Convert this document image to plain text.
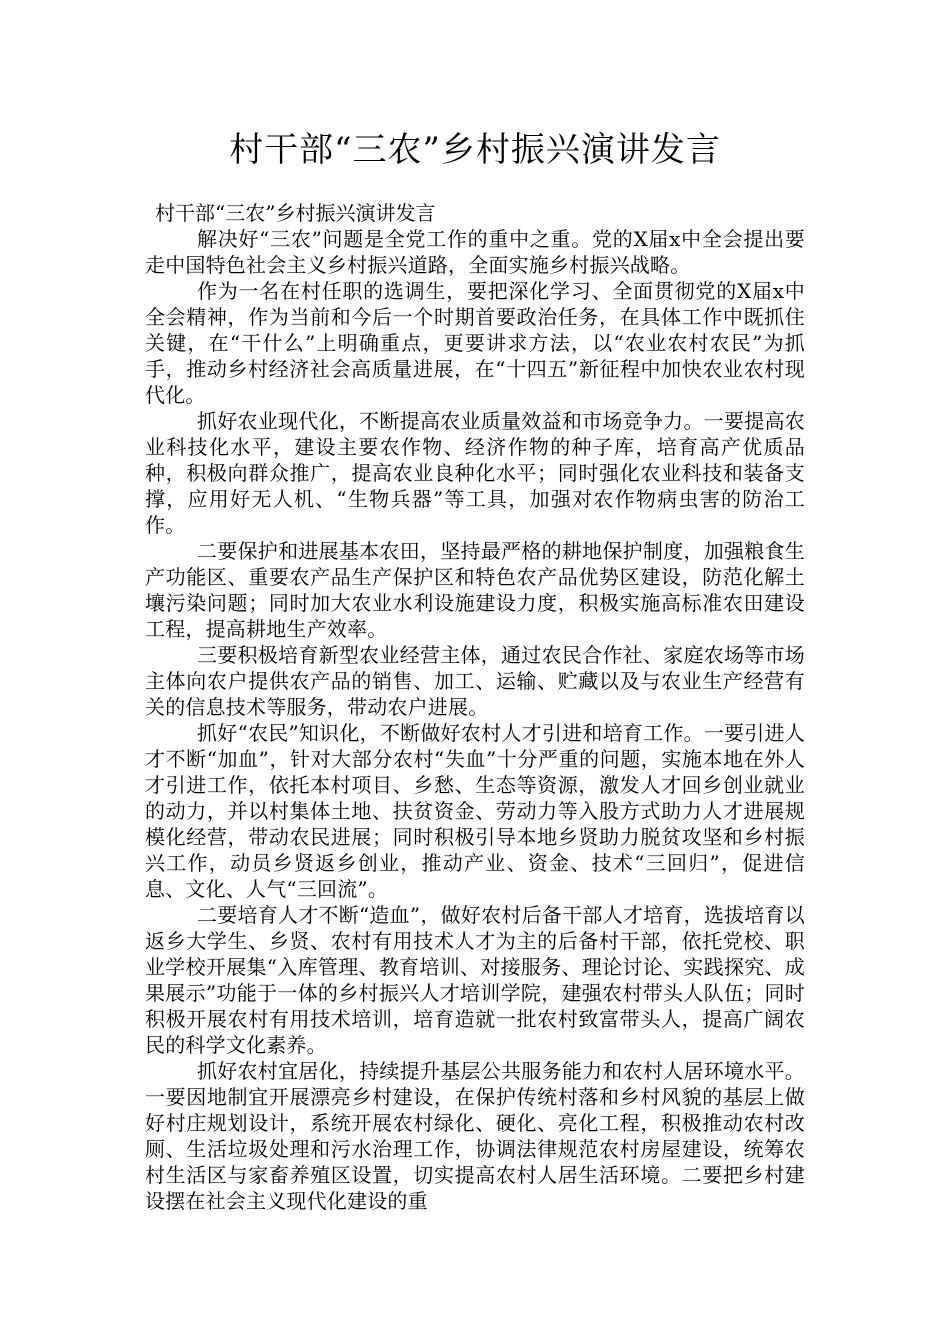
村干部“三农”乡村振兴演讲发言

村干部“三农”乡村振兴演讲发言

解决好“三农”问题是全党工作的重中之重。党的X届x中全会提出要走中国特色社会主义乡村振兴道路，全面实施乡村振兴战略。

作为一名在村任职的选调生，要把深化学习、全面贯彻党的X届x中全会精神，作为当前和今后一个时期首要政治任务，在具体工作中既抓住关键，在“干什么”上明确重点，更要讲求方法，以“农业农村农民”为抓手，推动乡村经济社会高质量进展，在“十四五”新征程中加快农业农村现代化。

抓好农业现代化，不断提高农业质量效益和市场竞争力。一要提高农业科技化水平，建设主要农作物、经济作物的种子库，培育高产优质品种，积极向群众推广，提高农业良种化水平；同时强化农业科技和装备支撑，应用好无人机、“生物兵器”等工具，加强对农作物病虫害的防治工作。

二要保护和进展基本农田，坚持最严格的耕地保护制度，加强粮食生产功能区、重要农产品生产保护区和特色农产品优势区建设，防范化解土壤污染问题；同时加大农业水利设施建设力度，积极实施高标准农田建设工程，提高耕地生产效率。

三要积极培育新型农业经营主体，通过农民合作社、家庭农场等市场主体向农户提供农产品的销售、加工、运输、贮藏以及与农业生产经营有关的信息技术等服务，带动农户进展。

抓好“农民”知识化，不断做好农村人才引进和培育工作。一要引进人才不断“加血”，针对大部分农村“失血”十分严重的问题，实施本地在外人才引进工作，依托本村项目、乡愁、生态等资源，激发人才回乡创业就业的动力，并以村集体土地、扶贫资金、劳动力等入股方式助力人才进展规模化经营，带动农民进展；同时积极引导本地乡贤助力脱贫攻坚和乡村振兴工作，动员乡贤返乡创业，推动产业、资金、技术“三回归”，促进信息、文化、人气“三回流”。

二要培育人才不断“造血”，做好农村后备干部人才培育，选拔培育以返乡大学生、乡贤、农村有用技术人才为主的后备村干部，依托党校、职业学校开展集“入库管理、教育培训、对接服务、理论讨论、实践探究、成果展示”功能于一体的乡村振兴人才培训学院，建强农村带头人队伍；同时积极开展农村有用技术培训，培育造就一批农村致富带头人，提高广阔农民的科学文化素养。

抓好农村宜居化，持续提升基层公共服务能力和农村人居环境水平。一要因地制宜开展漂亮乡村建设，在保护传统村落和乡村风貌的基层上做好村庄规划设计，系统开展农村绿化、硬化、亮化工程，积极推动农村改厕、生活垃圾处理和污水治理工作，协调法律规范农村房屋建设，统筹农村生活区与家畜养殖区设置，切实提高农村人居生活环境。二要把乡村建设摆在社会主义现代化建设的重
